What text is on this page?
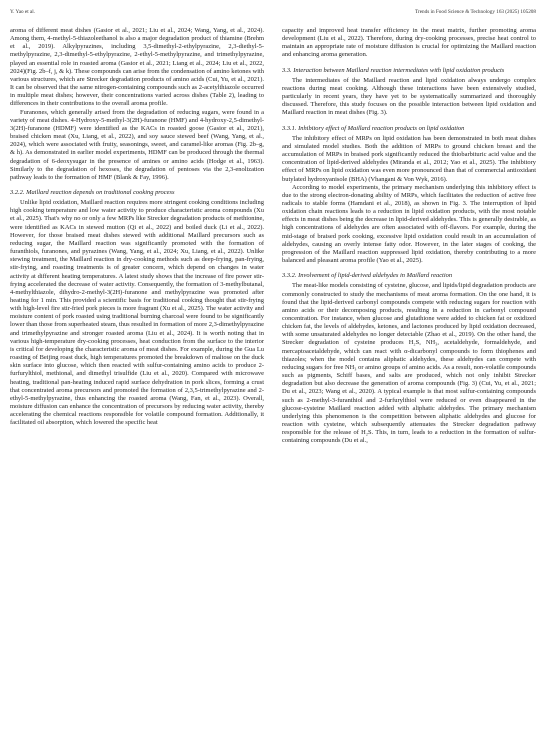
Y. Yao et al.	Trends in Food Science & Technology 163 (2025) 105208

aroma of different meat dishes (Gasior et al., 2021; Liu et al., 2024; Wang, Yang, et al., 2024). Among them, 4-methyl-5-thiazoleethanol is also a major degradation product of thiamine (Brehm et al., 2019). Alkylpyrazines, including 3,5-dimethyl-2-ethylpyrazine, 2,3-diethyl-5-methylpyrazine, 2,3-dimethyl-5-ethylpyrazine, 2-ethyl-5-methylpyrazine, and trimethylpyrazine, played an essential role in roasted aroma (Gasior et al., 2021; Liang et al., 2024; Liu et al., 2022, 2024)(Fig. 2b–f, j, & k). These compounds can arise from the condensation of amino ketones with various structures, which are Strecker degradation products of amino acids (Cui, Yu, et al., 2021). It can be observed that the same nitrogen-containing compounds such as 2-acetylthiazole occurred in multiple meat dishes; however, their concentrations varied across dishes (Table 2), leading to differences in their contributions to the overall aroma profile.

Furanones, which generally arised from the degradation of reducing sugars, were found in a variety of meat dishes. 4-Hydroxy-5-methyl-3(2H)-furanone (HMF) and 4-hydroxy-2,5-dimethyl-3(2H)-furanone (HDMF) were identified as the KACs in roasted goose (Gasior et al., 2021), braised chicken meat (Xu, Liang, et al., 2022), and soy sauce stewed beef (Wang, Yang, et al., 2024), which were associated with fruity, seasonings, sweet, and caramel-like aromas (Fig. 2b–g, & h). As demonstrated in earlier model experiments, HDMF can be produced through the thermal degradation of 6-deoxysugar in the presence of amines or amino acids (Hodge et al., 1963). Similarly to the degradation of hexoses, the degradation of pentoses via the 2,3-enolization pathway leads to the formation of HMF (Blank & Fay, 1996).

3.2.2. Maillard reaction depends on traditional cooking process

Unlike lipid oxidation, Maillard reaction requires more stringent cooking conditions including high cooking temperature and low water activity to produce characteristic aroma compounds (Xu et al., 2025). That's why no or only a few MRPs like Strecker degradation products of methionine, were identified as KACs in stewed mutton (Qi et al., 2022) and boiled duck (Li et al., 2022). However, for those braised meat dishes stewed with additional Maillard precursors such as reducing sugar, the Maillard reaction was significantly promoted with the formation of furanthiols, furanones, and pyrazines (Wang, Yang, et al., 2024; Xu, Liang, et al., 2022). Unlike stewing treatment, the Maillard reaction in dry-cooking methods such as deep-frying, pan-frying, stir-frying, and roasting treatments is of greater concern, which depend on changes in water activity at different heating temperatures. A latest study shows that the increase of fire power stir-frying accelerated the decrease of water activity. Consequently, the formation of 3-methylbutanal, 4-methylthiazole, dihydro-2-methyl-3(2H)-furanone and methylpyrazine was promoted after heating for 1 min. This provided a scientific basis for traditional cooking thought that stir-frying with high-level fire stir-fried pork pieces is more fragrant (Xu et al., 2025). The water activity and moisture content of pork roasted using traditional burning charcoal were found to be significantly lower than those from superheated steam, thus resulted in formation of more 2,3-dimethylpyrazine and trimethylpyrazine and stronger roasted aroma (Liu et al., 2024). It is worth noting that in various high-temperature dry-cooking processes, heat conduction from the surface to the interior is critical for developing the characteristic aroma of meat dishes. For example, during the Gua Lu roasting of Beijing roast duck, high temperatures promoted the breakdown of maltose on the duck skin surface into glucose, which then reacted with sulfur-containing amino acids to produce 2-furfurylthiol, methional, and dimethyl trisulfide (Liu et al., 2020). Compared with microwave heating, traditional pan-heating induced rapid surface dehydration in pork slices, forming a crust that concentrated aroma precursors and promoted the formation of 2,3,5-trimethylpyrazine and 2-ethyl-5-methylpyrazine, thus enhancing the roasted aroma (Wang, Fan, et al., 2023). Overall, moisture diffusion can enhance the concentration of precursors by reducing water activity, thereby accelerating the chemical reactions responsible for volatile compound formation. Additionally, it facilitated oil absorption, which lowered the specific heat

capacity and improved heat transfer efficiency in the meat matrix, further promoting aroma development (Liu et al., 2022). Therefore, during dry-cooking processes, precise heat control to maintain an appropriate rate of moisture diffusion is crucial for optimizing the Maillard reaction and enhancing aroma generation.

3.3. Interaction between Maillard reaction intermediates with lipid oxidation products

The intermediates of the Maillard reaction and lipid oxidation always undergo complex reactions during meat cooking. Although these interactions have been extensively studied, particularly in recent years, they have yet to be systematically summarized and thoroughly discussed. Therefore, this study focuses on the possible interaction between lipid oxidation and Maillard reaction in meat dishes (Fig. 3).

3.3.1. Inhibitory effect of Maillard reaction products on lipid oxidation

The inhibitory effect of MRPs on lipid oxidation has been demonstrated in both meat dishes and simulated model studies. Both the addition of MRPs to ground chicken breast and the accumulation of MRPs in braised pork significantly reduced the thiobarbituric acid value and the concentration of lipid-derived aldehydes (Miranda et al., 2012; Yao et al., 2025). The inhibitory effect of MRPs on lipid oxidation was even more pronounced than that of commercial antioxidant butylated hydroxyanisole (BHA) (Vhangani & Von Wyk, 2016).

According to model experiments, the primary mechanism underlying this inhibitory effect is due to the strong electron-donating ability of MRPs, which facilitates the reduction of active free radicals to stable forms (Hamdani et al., 2018), as shown in Fig. 3. The interruption of lipid oxidation chain reactions leads to a reduction in lipid oxidation products, with the most notable effects in meat dishes being the decrease in lipid-derived aldehydes. This is generally desirable, as high concentrations of aldehydes are often associated with off-flavors. For example, during the mid-stage of braised pork cooking, excessive lipid oxidation could result in an accumulation of aldehydes, causing an overly intense fatty odor. However, in the later stages of cooking, the progression of the Maillard reaction suppressed lipid oxidation, thereby contributing to a more balanced and pleasant aroma profile (Yao et al., 2025).

3.3.2. Involvement of lipid-derived aldehydes in Maillard reaction

The meat-like models consisting of cysteine, glucose, and lipids/lipid degradation products are commonly constructed to study the mechanisms of meat aroma formation. On the one hand, it is found that the lipid-derived carbonyl compounds compete with reducing sugars for reaction with amino acids or their decomposing products, resulting in a reduction in carbonyl compound concentration. For instance, when glucose and glutathione were added to chicken fat or oxidized chicken fat, the levels of aldehydes, ketones, and lactones produced by lipid oxidation decreased, with some unsaturated aldehydes no longer detectable (Zhao et al., 2019). On the other hand, the Strecker degradation of cysteine produces H₂S, NH₃, acetaldehyde, formaldehyde, and mercaptoacetaldehyde, which can react with α-dicarbonyl compounds to form thiophenes and thiazoles; when the model contains aliphatic aldehydes, these aldehydes can compete with reducing sugars for free NH₃ or amino groups of amino acids. As a result, non-volatile compounds such as pigments, Schiff bases, and salts are produced, which not only inhibit Strecker degradation but also decrease the generation of aroma compounds (Fig. 3) (Cui, Yu, et al., 2021; Du et al., 2023; Wang et al., 2020). A typical example is that most sulfur-containing compounds such as 2-methyl-3-furanthiol and 2-furfurylthiol were reduced or even disappeared in the glucose-cysteine Maillard reaction added with aliphatic aldehydes. The primary mechanism underlying this phenomenon is the competition between aliphatic aldehydes and glucose for reaction with cysteine, which subsequently attenuates the Strecker degradation pathway responsible for the release of H₂S. This, in turn, leads to a reduction in the formation of sulfur-containing compounds (Du et al.,
